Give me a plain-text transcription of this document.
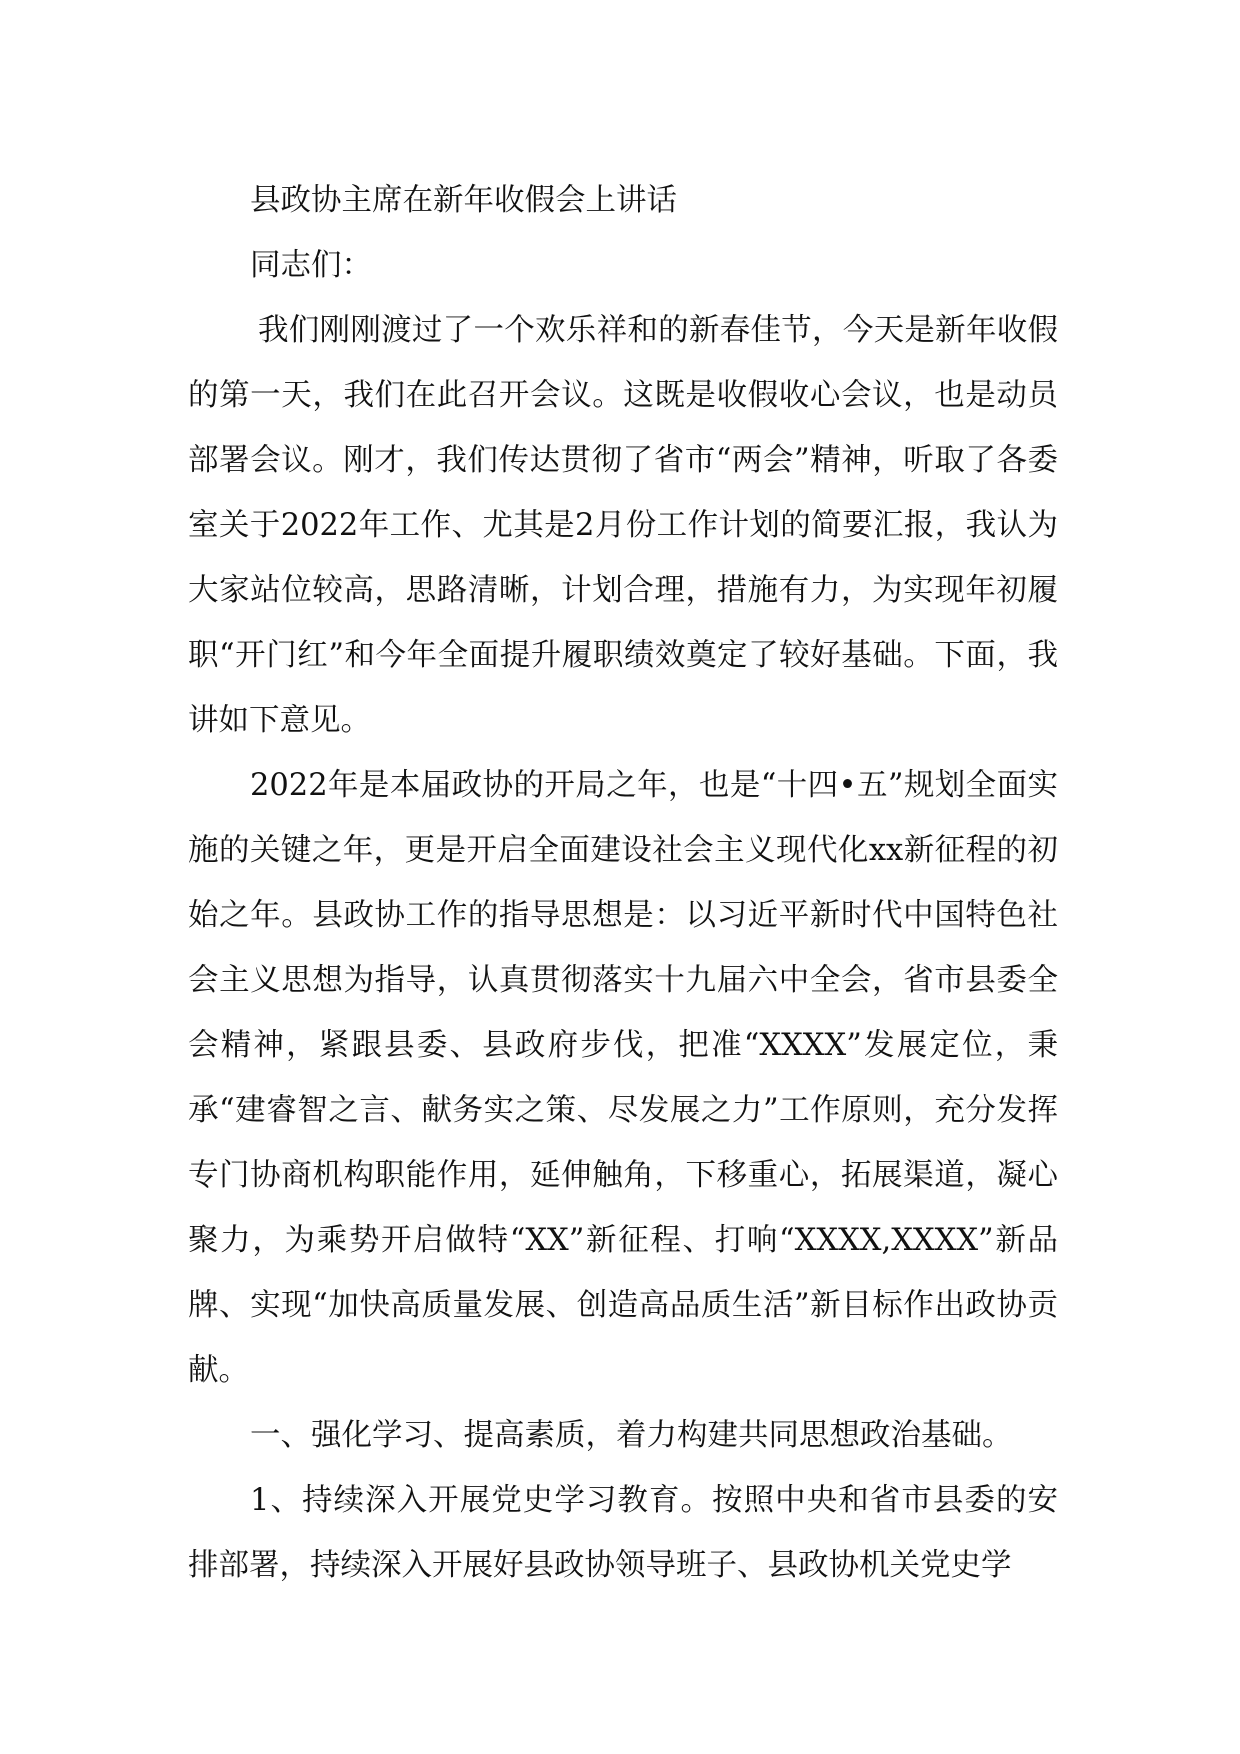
县政协主席在新年收假会上讲话

同志们：

我们刚刚渡过了一个欢乐祥和的新春佳节，今天是新年收假的第一天，我们在此召开会议。这既是收假收心会议，也是动员部署会议。刚才，我们传达贯彻了省市“两会”精神，听取了各委室关于2022年工作、尤其是2月份工作计划的简要汇报，我认为大家站位较高，思路清晰，计划合理，措施有力，为实现年初履职“开门红”和今年全面提升履职绩效奠定了较好基础。下面，我讲如下意见。

2022年是本届政协的开局之年，也是“十四•五”规划全面实施的关键之年，更是开启全面建设社会主义现代化xx新征程的初始之年。县政协工作的指导思想是：以习近平新时代中国特色社会主义思想为指导，认真贯彻落实十九届六中全会，省市县委全会精神，紧跟县委、县政府步伐，把准“XXXX”发展定位，秉承“建睿智之言、献务实之策、尽发展之力”工作原则，充分发挥专门协商机构职能作用，延伸触角，下移重心，拓展渠道，凝心聚力，为乘势开启做特“XX”新征程、打响“XXXX,XXXX”新品牌、实现“加快高质量发展、创造高品质生活”新目标作出政协贡献。

一、强化学习、提高素质，着力构建共同思想政治基础。

1、持续深入开展党史学习教育。按照中央和省市县委的安排部署，持续深入开展好县政协领导班子、县政协机关党史学
